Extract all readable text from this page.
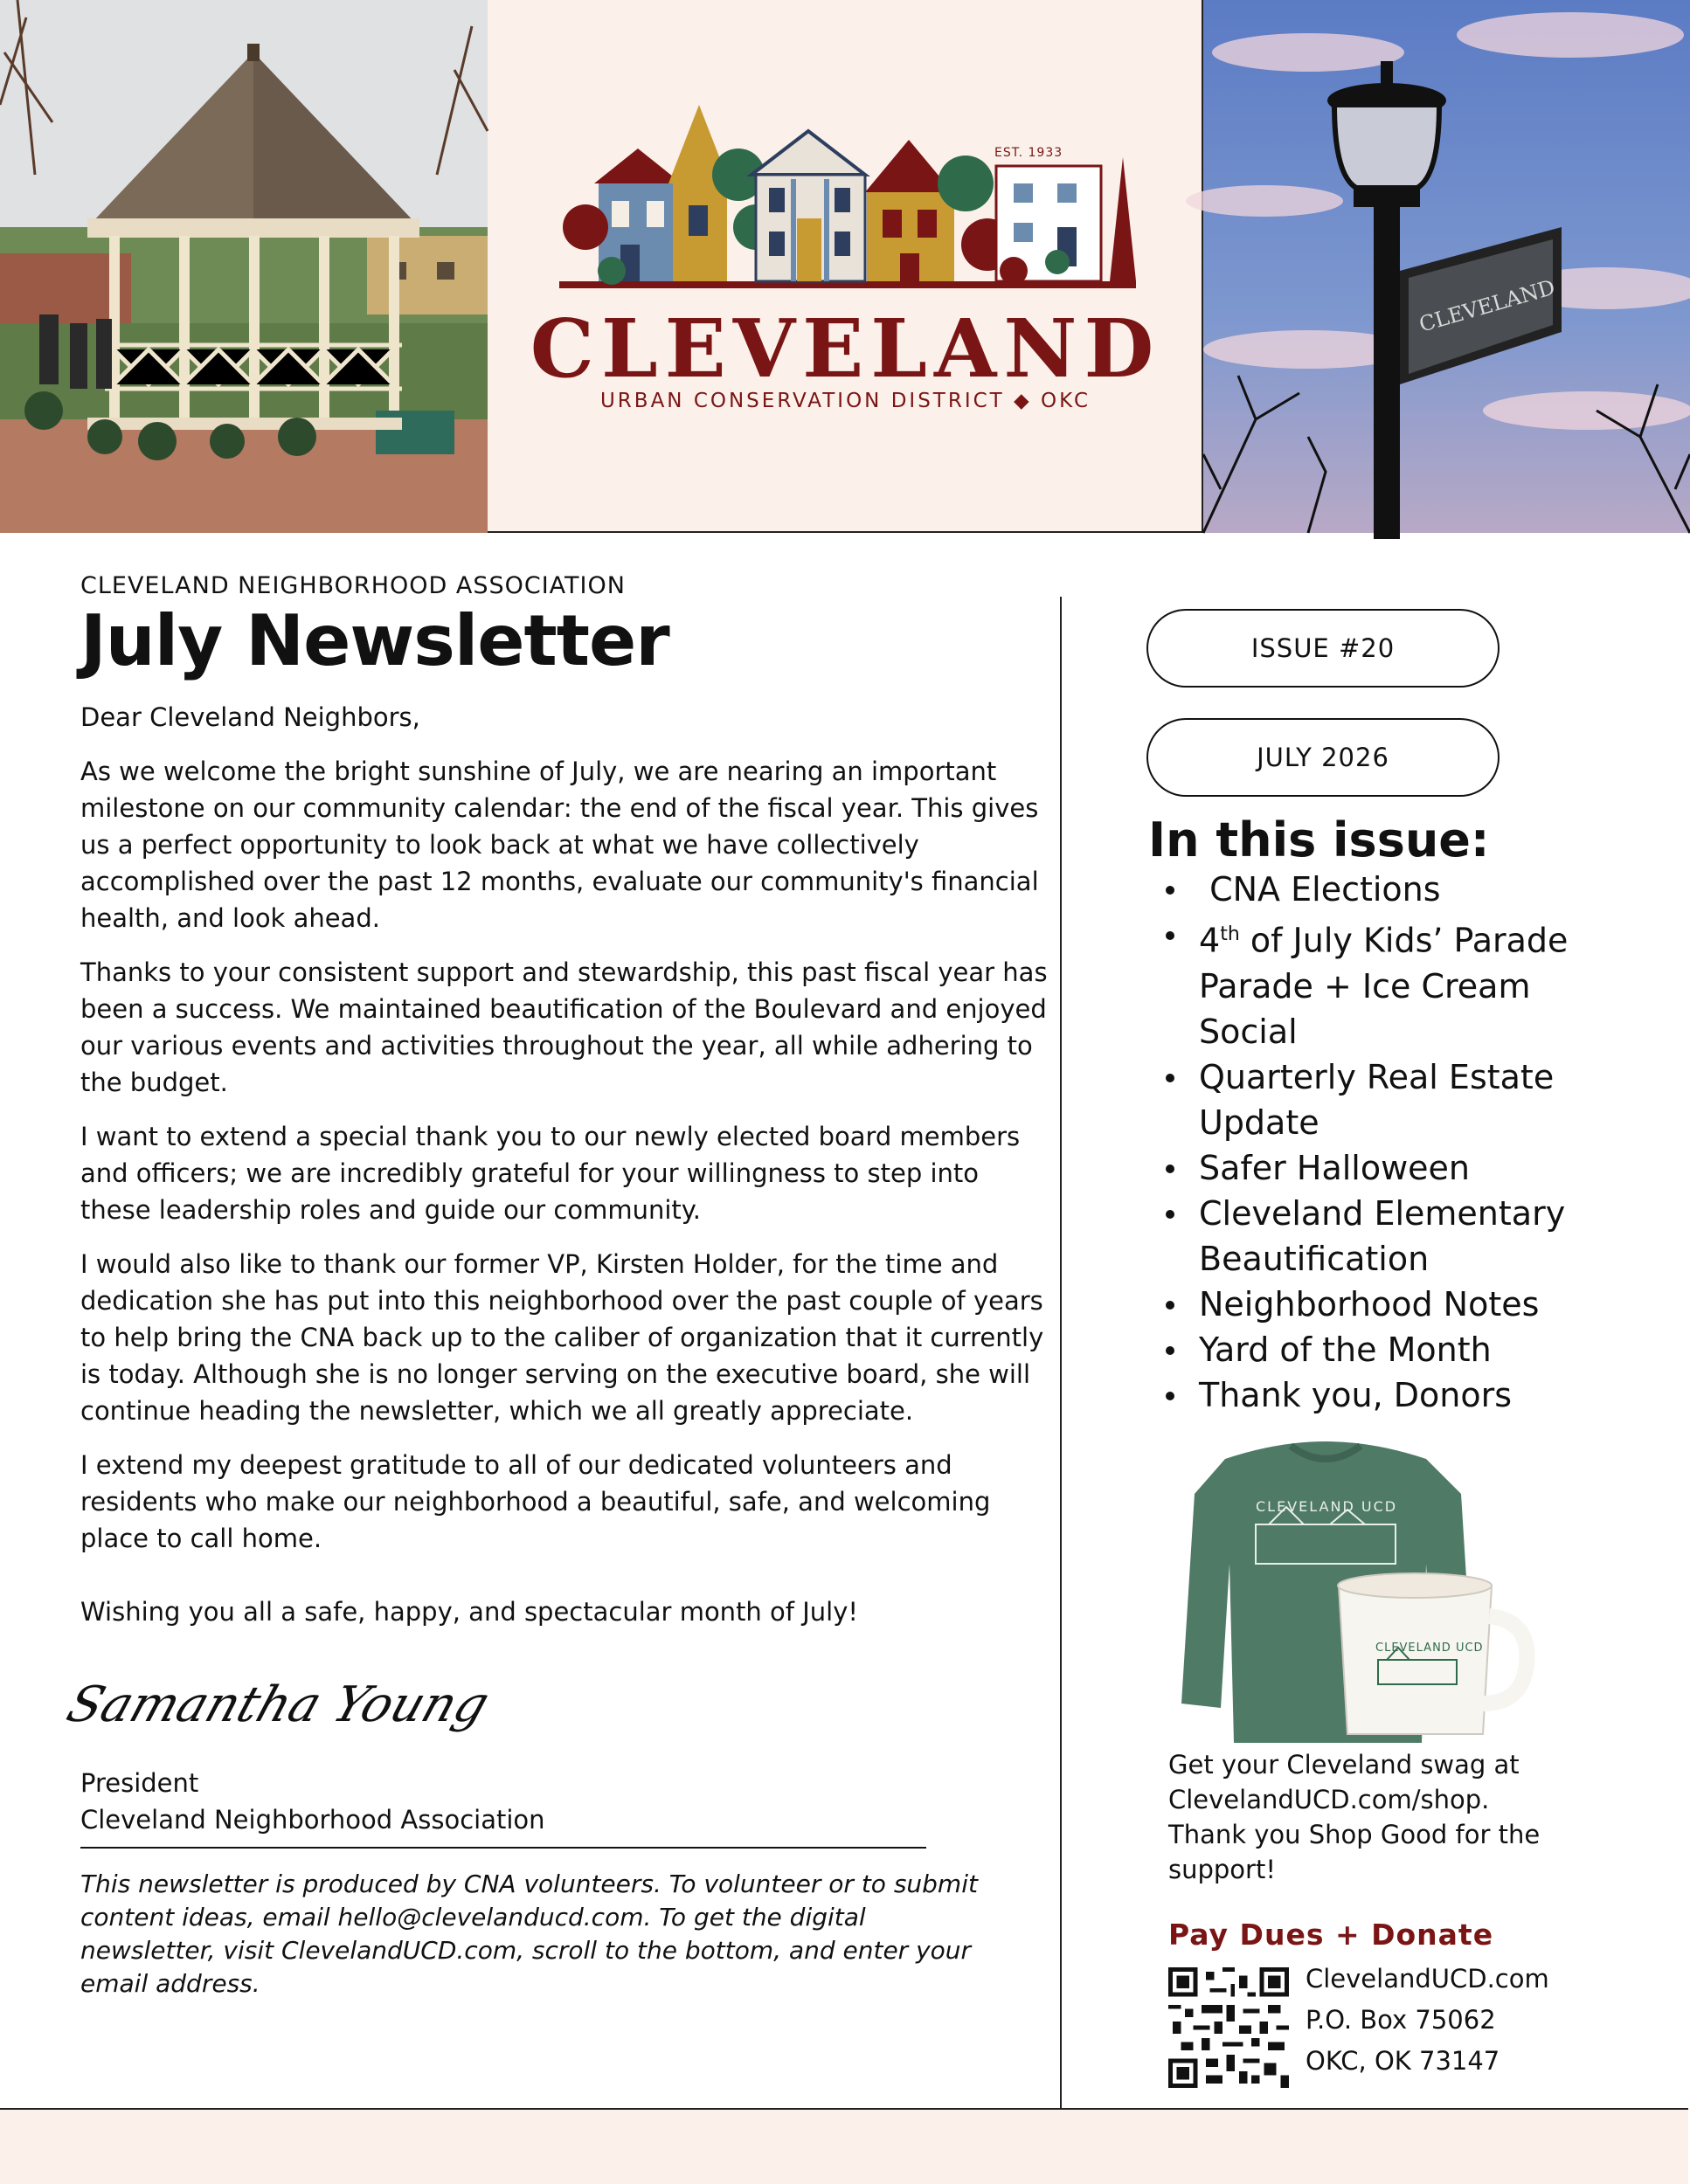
EST. 1933
CLEVELAND
URBAN CONSERVATION DISTRICT ◆ OKC
CLEVELAND
CLEVELAND NEIGHBORHOOD ASSOCIATION
July Newsletter

Dear Cleveland Neighbors,

As we welcome the bright sunshine of July, we are nearing an important milestone on our community calendar: the end of the fiscal year. This gives us a perfect opportunity to look back at what we have collectively accomplished over the past 12 months, evaluate our community's financial health, and look ahead.

Thanks to your consistent support and stewardship, this past fiscal year has been a success. We maintained beautification of the Boulevard and enjoyed our various events and activities throughout the year, all while adhering to the budget.

I want to extend a special thank you to our newly elected board members and officers; we are incredibly grateful for your willingness to step into these leadership roles and guide our community.

I would also like to thank our former VP, Kirsten Holder, for the time and dedication she has put into this neighborhood over the past couple of years to help bring the CNA back up to the caliber of organization that it currently is today. Although she is no longer serving on the executive board, she will continue heading the newsletter, which we all greatly appreciate.

I extend my deepest gratitude to all of our dedicated volunteers and residents who make our neighborhood a beautiful, safe, and welcoming place to call home.

Wishing you all a safe, happy, and spectacular month of July!

Samantha Young
President
Cleveland Neighborhood Association
This newsletter is produced by CNA volunteers. To volunteer or to submit content ideas, email hello@clevelanducd.com. To get the digital newsletter, visit ClevelandUCD.com, scroll to the bottom, and enter your email address.
ISSUE #20
JULY 2026
In this issue:
CNA Elections
4th of July Kids’ Parade Parade + Ice Cream Social
Quarterly Real Estate Update
Safer Halloween
Cleveland Elementary Beautification
Neighborhood Notes
Yard of the Month
Thank you, Donors
CLEVELAND UCD
CLEVELAND UCD
Get your Cleveland swag at ClevelandUCD.com/shop. Thank you Shop Good for the support!
Pay Dues + Donate
ClevelandUCD.com
P.O. Box 75062
OKC, OK 73147
